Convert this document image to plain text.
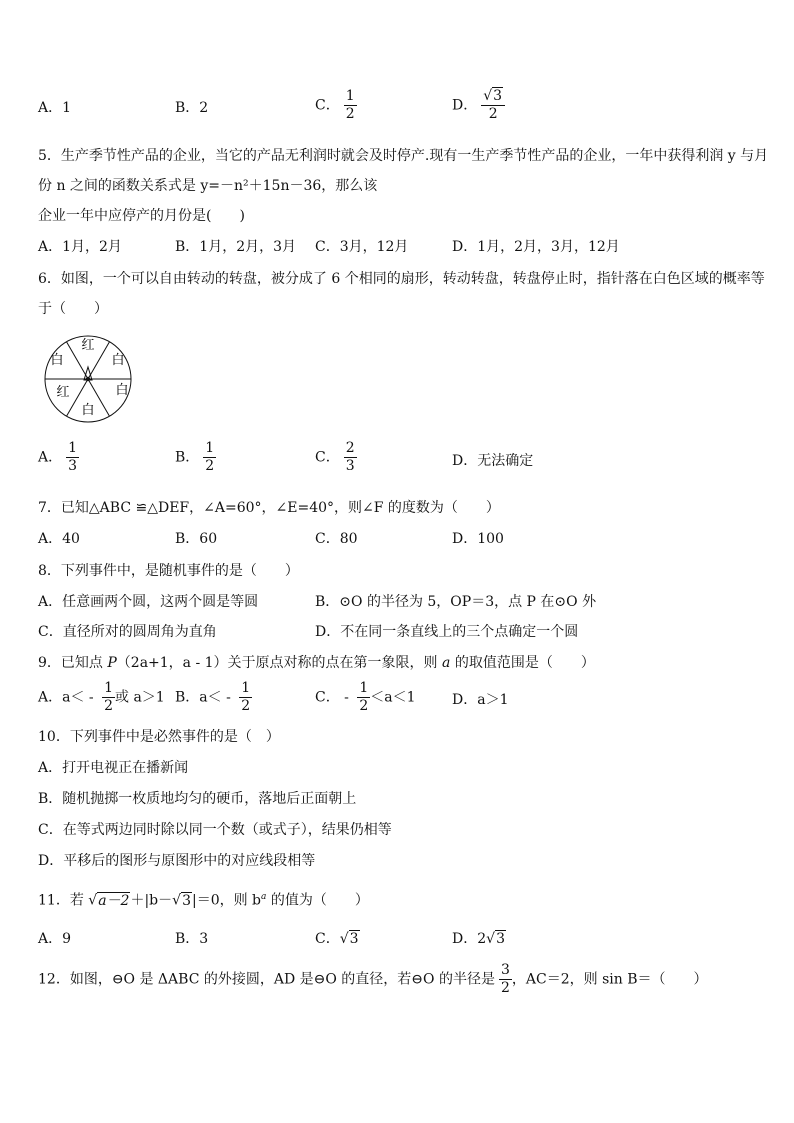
A．1	B．2	C． $\frac{1}{2}$	D． $\frac{√3}{2}$
5．生产季节性产品的企业，当它的产品无利润时就会及时停产.现有一生产季节性产品的企业，一年中获得利润 y 与月
份 n 之间的函数关系式是 y=－n²＋15n－36，那么该
企业一年中应停产的月份是(　　)
A．1月，2月	B．1月，2月，3月 C．3月，12月	D．1月，2月，3月，12月
6．如图，一个可以自由转动的转盘，被分成了 6 个相同的扇形，转动转盘，转盘停止时，指针落在白色区域的概率等
于（　　）
红
白
白
白
红
白
A． $\frac{1}{3}$	B． $\frac{1}{2}$	C． $\frac{2}{3}$	D．无法确定
7．已知△ABC ≌△DEF，∠A=60°，∠E=40°，则∠F 的度数为（　　）
A．40	B．60	C．80	D．100
8．下列事件中，是随机事件的是（　　）
A．任意画两个圆，这两个圆是等圆	B．⊙O 的半径为 5，OP＝3，点 P 在⊙O 外
C．直径所对的圆周角为直角	D．不在同一条直线上的三个点确定一个圆
9．已知点 P（2a+1，a - 1）关于原点对称的点在第一象限，则 a 的取值范围是（　　）
A．$a< - \frac{1}{2}$ 或 a＞1 B．$a< - \frac{1}{2}$	C． - $\frac{1}{2} <a<1$	D．a＞1
10．下列事件中是必然事件的是（　）
A．打开电视正在播新闻
B．随机抛掷一枚质地均匀的硬币，落地后正面朝上
C．在等式两边同时除以同一个数（或式子），结果仍相等
D．平移后的图形与原图形中的对应线段相等
11．若 √a－2＋|b－√3|＝0，则 $b^a$ 的值为（　　）
A．9	B．3	C．√3	D．2√3
12．如图，⊖O 是 ΔABC 的外接圆，AD 是⊖O 的直径，若⊖O 的半径是 $\frac{3}{2}$ ，AC＝2，则 sin B＝（　　）
